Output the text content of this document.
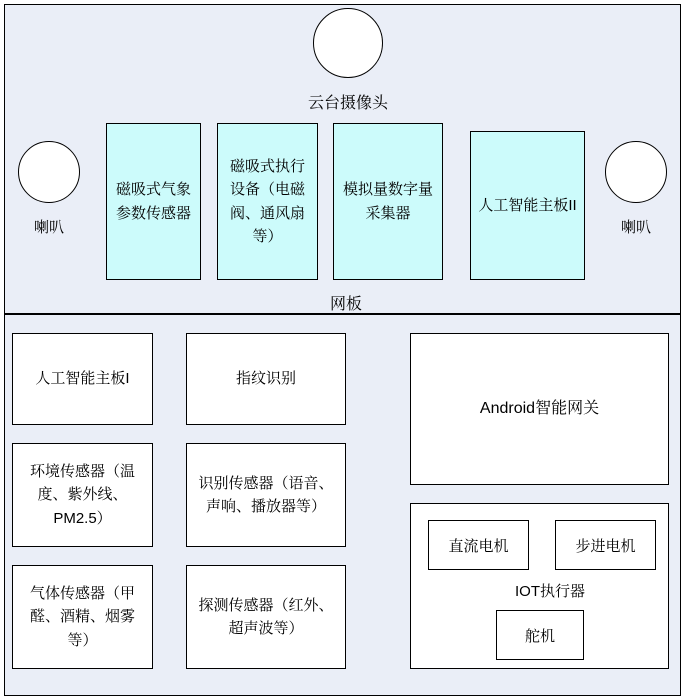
云台摄像头
喇叭	喇叭
磁吸式气象参数传感器
磁吸式执行设备（电磁阀、通风扇等）
模拟量数字量采集器	人工智能主板II
网板
人工智能主板I
环境传感器（温度、紫外线、PM2.5）
气体传感器（甲醛、酒精、烟雾等）
指纹识别
识别传感器（语音、声响、播放器等）
探测传感器（红外、超声波等）
Android智能网关
直流电机	步进电机
IOT执行器
舵机
